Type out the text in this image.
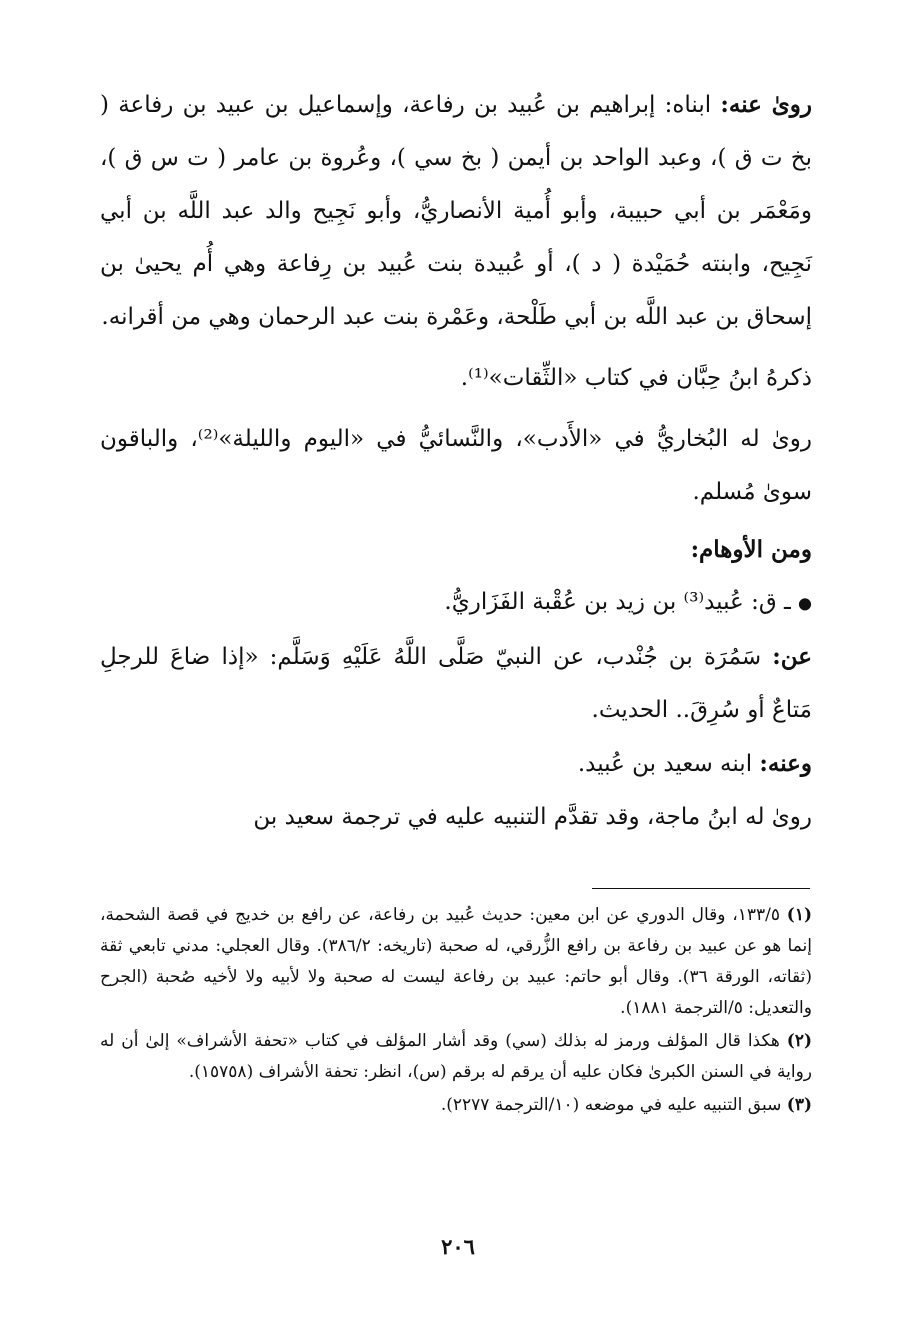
رویٰ عنه: ابناه: إبراهيم بن عُبيد بن رفاعة، وإسماعيل بن عبيد بن رفاعة ( بخ ت ق )، وعبد الواحد بن أيمن ( بخ سي )، وعُروة بن عامر ( ت س ق )، ومَعْمَر بن أبي حبيبة، وأبو أُمية الأنصاريُّ، وأبو نَجِيح والد عبد اللَّه بن أبي نَجِيح، وابنته حُمَيْدة ( د )، أو عُبيدة بنت عُبيد بن رِفاعة وهي أُم يحيىٰ بن إسحاق بن عبد اللَّه بن أبي طَلْحة، وعَمْرة بنت عبد الرحمان وهي من أقرانه.

ذكرهُ ابنُ حِبَّان في كتاب «الثِّقات»⁽¹⁾.

رویٰ له البُخاريُّ في «الأَدب»، والنَّسائيُّ في «اليوم والليلة»⁽²⁾، والباقون سوىٰ مُسلم.

ومن الأوهام:

● ـ ق: عُبيد⁽³⁾ بن زيد بن عُقْبة الفَزَاريُّ.

عن: سَمُرَة بن جُنْدب، عن النبيّ صَلَّى اللَّهُ عَلَيْهِ وَسَلَّم: «إذا ضاعَ للرجلِ مَتاعٌ أو سُرِقَ.. الحديث.

وعنه: ابنه سعيد بن عُبيد.

رویٰ له ابنُ ماجة، وقد تقدَّم التنبيه عليه في ترجمة سعيد بن

(١) ١٣٣/٥، وقال الدوري عن ابن معين: حديث عُبيد بن رفاعة، عن رافع بن خديج في قصة الشحمة، إنما هو عن عبيد بن رفاعة بن رافع الزُّرقي، له صحبة (تاريخه: ٣٨٦/٢). وقال العجلي: مدني تابعي ثقة (ثقاته، الورقة ٣٦). وقال أبو حاتم: عبيد بن رفاعة ليست له صحبة ولا لأبيه ولا لأخيه صُحبة (الجرح والتعديل: ٥/الترجمة ١٨٨١).

(٢) هكذا قال المؤلف ورمز له بذلك (سي) وقد أشار المؤلف في كتاب «تحفة الأشراف» إلىٰ أن له رواية في السنن الكبرىٰ فكان عليه أن يرقم له برقم (س)، انظر: تحفة الأشراف (١٥٧٥٨).

(٣) سبق التنبيه عليه في موضعه (١٠/الترجمة ٢٢٧٧).

٢٠٦
